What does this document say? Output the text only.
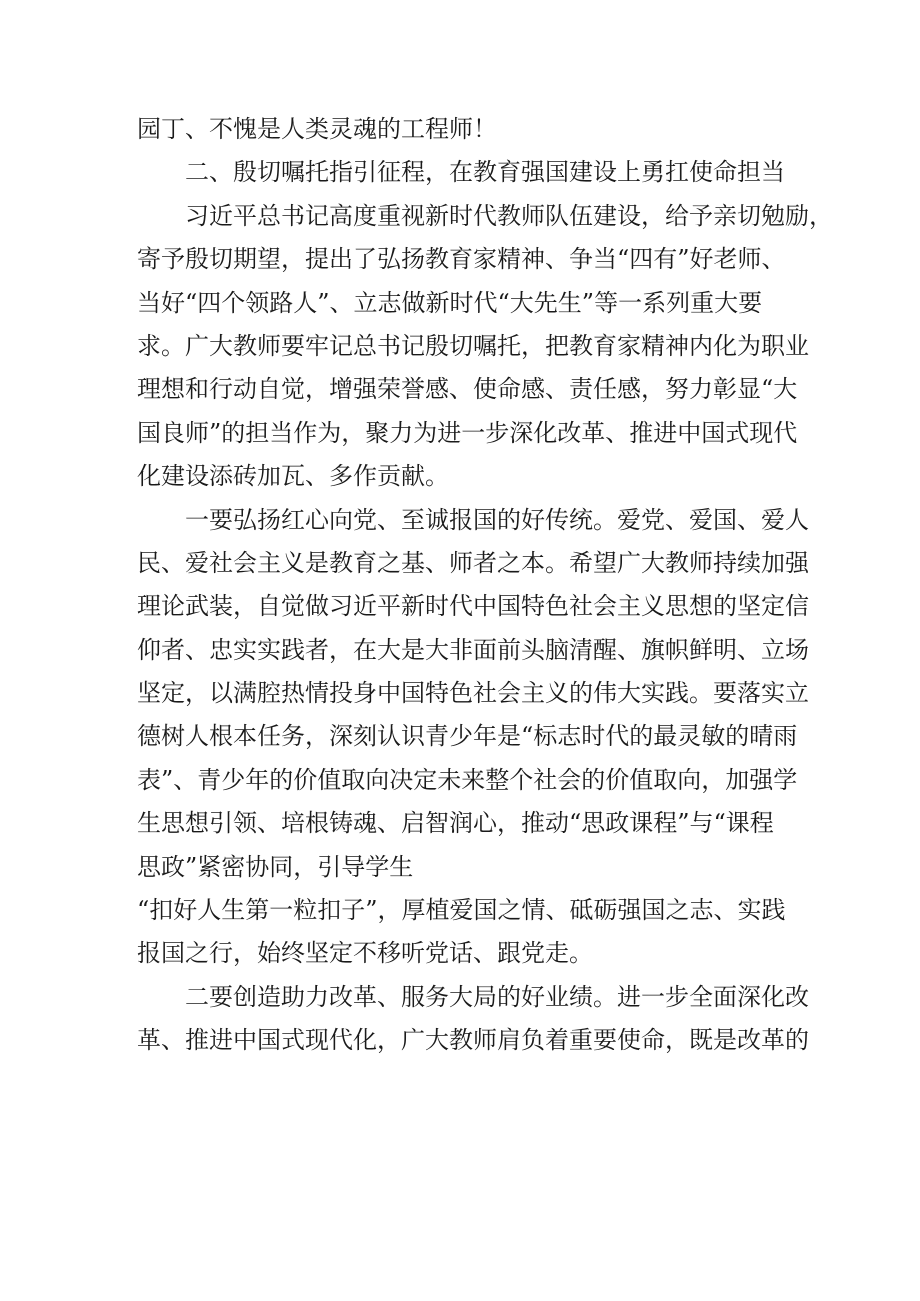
园丁、不愧是人类灵魂的工程师！
二、殷切嘱托指引征程，在教育强国建设上勇扛使命担当
习近平总书记高度重视新时代教师队伍建设，给予亲切勉励，
寄予殷切期望，提出了弘扬教育家精神、争当“四有”好老师、
当好“四个领路人”、立志做新时代“大先生”等一系列重大要
求。广大教师要牢记总书记殷切嘱托，把教育家精神内化为职业
理想和行动自觉，增强荣誉感、使命感、责任感，努力彰显“大
国良师”的担当作为，聚力为进一步深化改革、推进中国式现代
化建设添砖加瓦、多作贡献。
一要弘扬红心向党、至诚报国的好传统。爱党、爱国、爱人
民、爱社会主义是教育之基、师者之本。希望广大教师持续加强
理论武装，自觉做习近平新时代中国特色社会主义思想的坚定信
仰者、忠实实践者，在大是大非面前头脑清醒、旗帜鲜明、立场
坚定，以满腔热情投身中国特色社会主义的伟大实践。要落实立
德树人根本任务，深刻认识青少年是“标志时代的最灵敏的晴雨
表”、青少年的价值取向决定未来整个社会的价值取向，加强学
生思想引领、培根铸魂、启智润心，推动“思政课程”与“课程
思政”紧密协同，引导学生
“扣好人生第一粒扣子”，厚植爱国之情、砥砺强国之志、实践
报国之行，始终坚定不移听党话、跟党走。
二要创造助力改革、服务大局的好业绩。进一步全面深化改
革、推进中国式现代化，广大教师肩负着重要使命，既是改革的
